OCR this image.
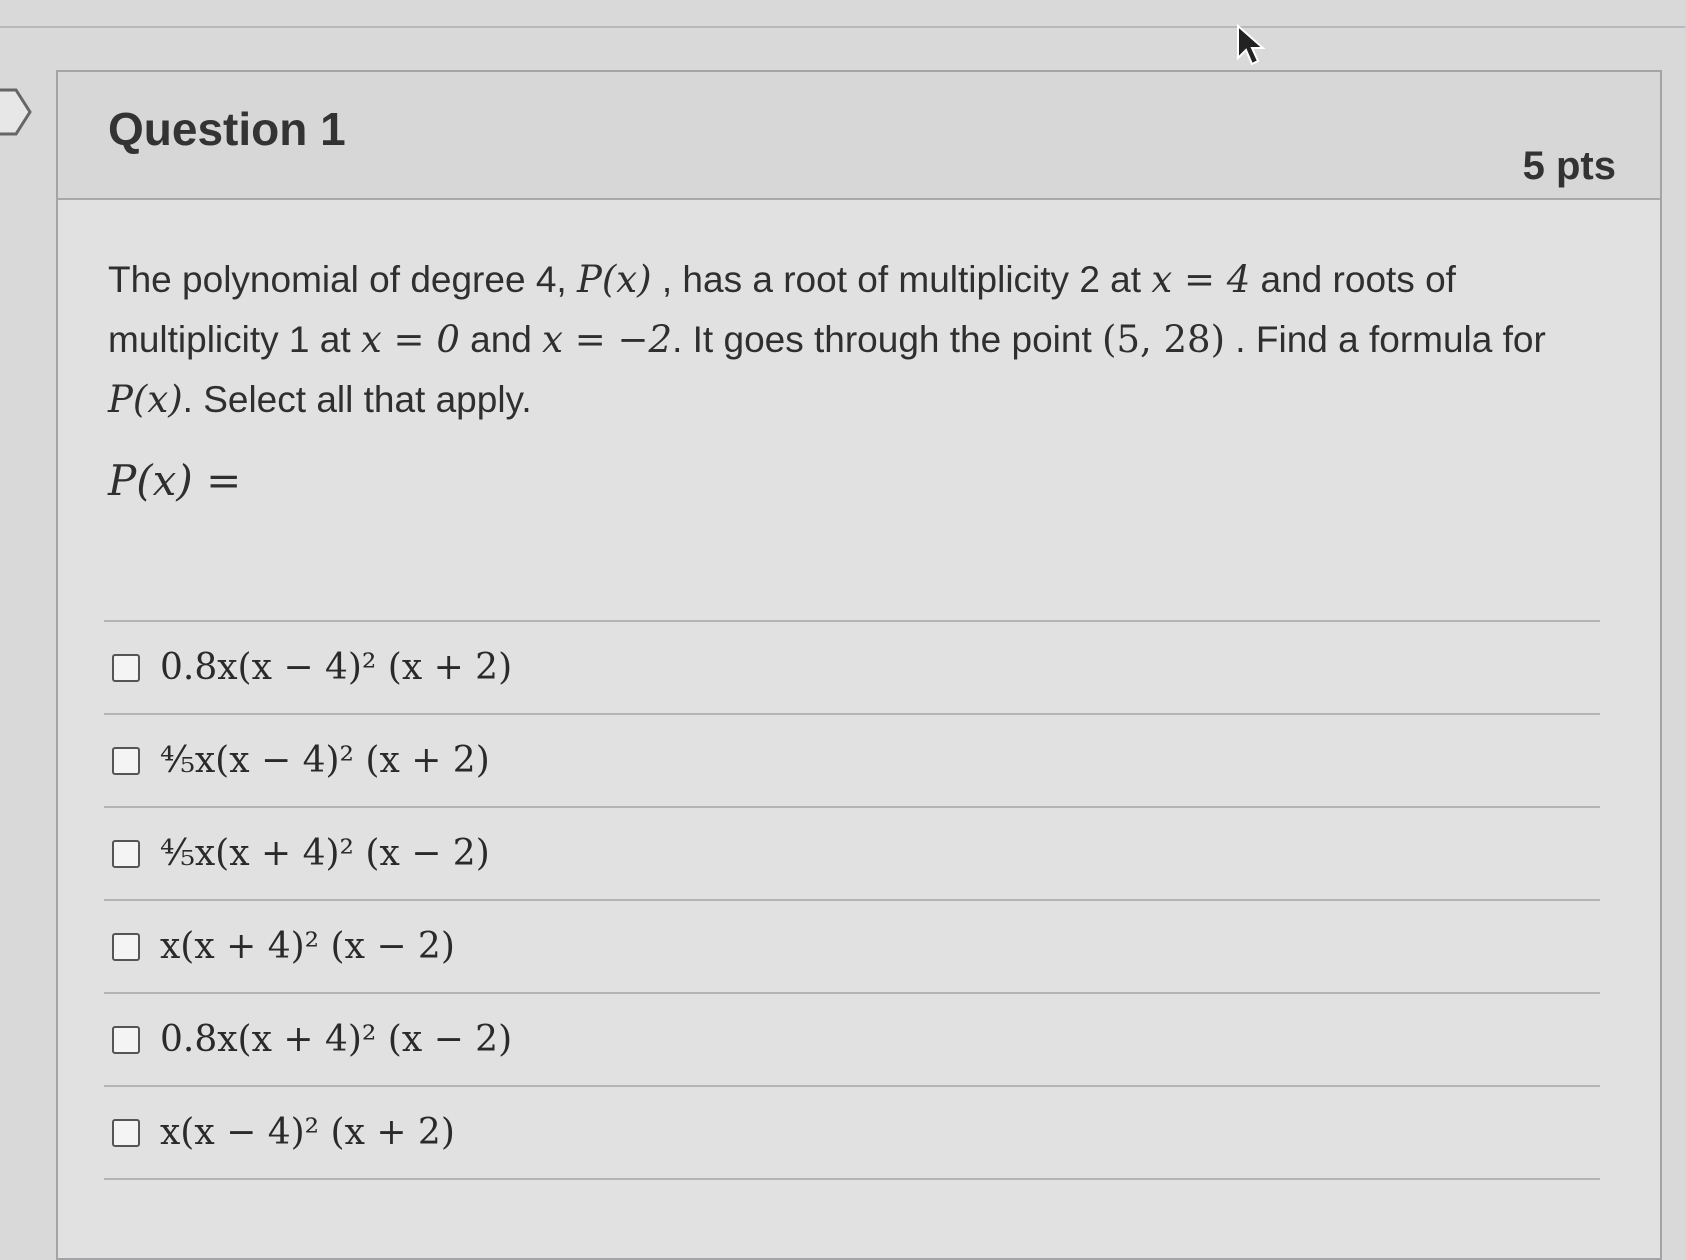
Question 1
5 pts
The polynomial of degree 4, P(x) , has a root of multiplicity 2 at x = 4 and roots of multiplicity 1 at x = 0 and x = −2. It goes through the point (5, 28) . Find a formula for P(x). Select all that apply.
P(x) =
0.8x(x − 4)² (x + 2)
⁴⁄₅x(x − 4)² (x + 2)
⁴⁄₅x(x + 4)² (x − 2)
x(x + 4)² (x − 2)
0.8x(x + 4)² (x − 2)
x(x − 4)² (x + 2)
